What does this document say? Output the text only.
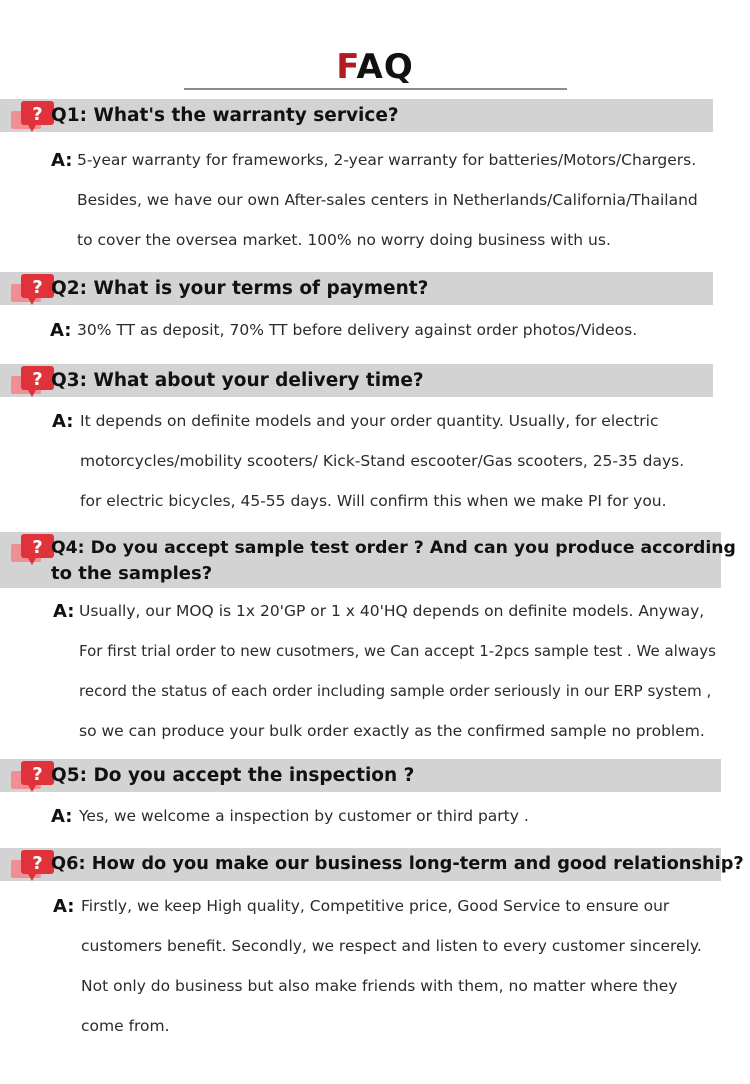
FAQ
? Q1: What's the warranty service?
A: 5-year warranty for frameworks, 2-year warranty for batteries/Motors/Chargers.
Besides, we have our own After-sales centers in Netherlands/California/Thailand
to cover the oversea market. 100% no worry doing business with us.
? Q2: What is your terms of payment?
A: 30% TT as deposit, 70% TT before delivery against order photos/Videos.
? Q3: What about your delivery time?
A: It depends on definite models and your order quantity. Usually, for electric
motorcycles/mobility scooters/ Kick-Stand escooter/Gas scooters, 25-35 days.
for electric bicycles, 45-55 days. Will confirm this when we make PI for you.
? Q4: Do you accept sample test order ? And can you produce according
to the samples?
A: Usually, our MOQ is 1x 20'GP or 1 x 40'HQ depends on definite models. Anyway,
For first trial order to new cusotmers, we Can accept 1-2pcs sample test . We always
record the status of each order including sample order seriously in our ERP system ,
so we can produce your bulk order exactly as the confirmed sample no problem.
? Q5: Do you accept the inspection ?
A: Yes, we welcome a inspection by customer or third party .
? Q6: How do you make our business long-term and good relationship?
A: Firstly, we keep High quality, Competitive price, Good Service to ensure our
customers benefit. Secondly, we respect and listen to every customer sincerely.
Not only do business but also make friends with them, no matter where they
come from.
